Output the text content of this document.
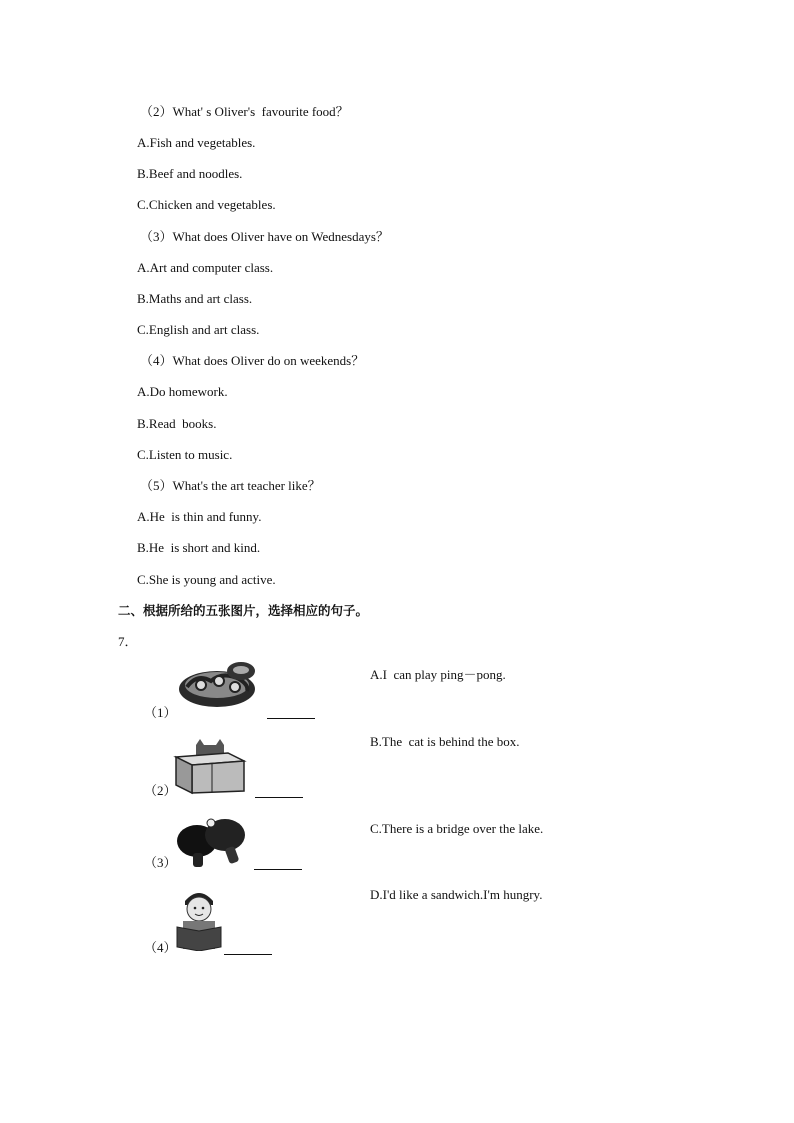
（2）What' s Oliver's  favourite food？
A.Fish and vegetables.
B.Beef and noodles.
C.Chicken and vegetables.
（3）What does Oliver have on Wednesdays？
A.Art and computer class.
B.Maths and art class.
C.English and art class.
（4）What does Oliver do on weekends？
A.Do homework.
B.Read  books.
C.Listen to music.
（5）What's the art teacher like？
A.He  is thin and funny.
B.He  is short and kind.
C.She is young and active.
二、根据所给的五张图片，选择相应的句子。
7．
（1）
（2）
（3）
（4）
A.I  can play ping－pong.
B.The  cat is behind the box.
C.There is a bridge over the lake.
D.I'd like a sandwich.I'm hungry.
